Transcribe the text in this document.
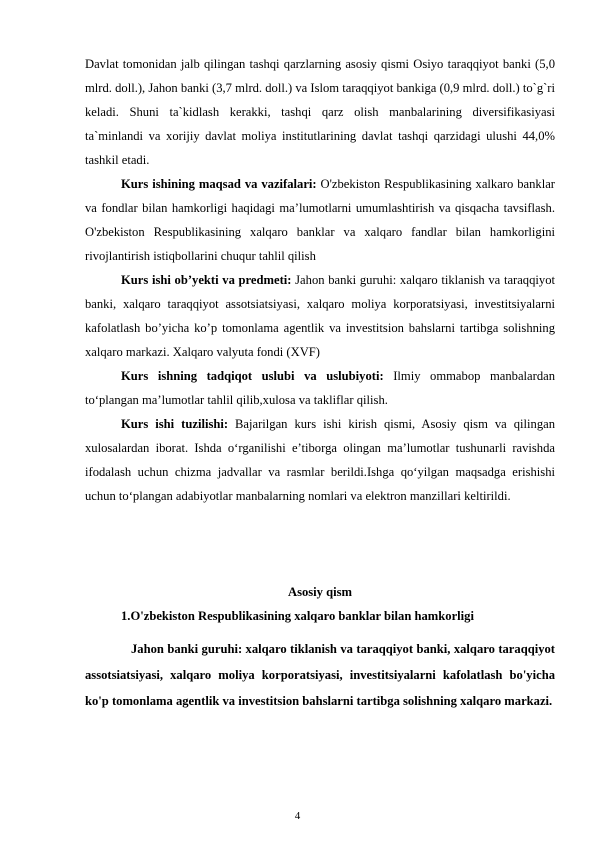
Davlat tomonidan jalb qilingan tashqi qarzlarning asosiy qismi Osiyo taraqqiyot banki (5,0 mlrd. doll.), Jahon banki (3,7 mlrd. doll.) va Islom taraqqiyot bankiga (0,9 mlrd. doll.) to`g`ri keladi. Shuni ta`kidlash kerakki, tashqi qarz olish manbalarining diversifikasiyasi ta`minlandi va xorijiy davlat moliya institutlarining davlat tashqi qarzidagi ulushi 44,0% tashkil etadi.

Kurs ishining maqsad va vazifalari: O'zbekiston Respublikasining xalkaro banklar va fondlar bilan hamkorligi haqidagi ma’lumotlarni umumlashtirish va qisqacha tavsiflash. O'zbekiston Respublikasining xalqaro banklar va xalqaro fandlar bilan hamkorligini rivojlantirish istiqbollarini chuqur tahlil qilish

Kurs ishi ob’yekti va predmeti: Jahon banki guruhi: xalqaro tiklanish va taraqqiyot banki, xalqaro taraqqiyot assotsiatsiyasi, xalqaro moliya korporatsiyasi, investitsiyalarni kafolatlash bo’yicha ko’p tomonlama agentlik va investitsion bahslarni tartibga solishning xalqaro markazi. Xalqaro valyuta fondi (XVF)

Kurs ishning tadqiqot uslubi va uslubiyoti: Ilmiy ommabop manbalardan to‘plangan ma’lumotlar tahlil qilib,xulosa va takliflar qilish.

Kurs ishi tuzilishi: Bajarilgan kurs ishi kirish qismi, Asosiy qism va qilingan xulosalardan iborat. Ishda o‘rganilishi e’tiborga olingan ma’lumotlar tushunarli ravishda ifodalash uchun chizma jadvallar va rasmlar berildi.Ishga qo‘yilgan maqsadga erishishi uchun to‘plangan adabiyotlar manbalarning nomlari va elektron manzillari keltirildi.

Asosiy qism

1.O'zbekiston Respublikasining xalqaro banklar bilan hamkorligi

Jahon banki guruhi: xalqaro tiklanish va taraqqiyot banki, xalqaro taraqqiyot assotsiatsiyasi, xalqaro moliya korporatsiyasi, investitsiyalarni kafolatlash bo'yicha ko'p tomonlama agentlik va investitsion bahslarni tartibga solishning xalqaro markazi.

4
